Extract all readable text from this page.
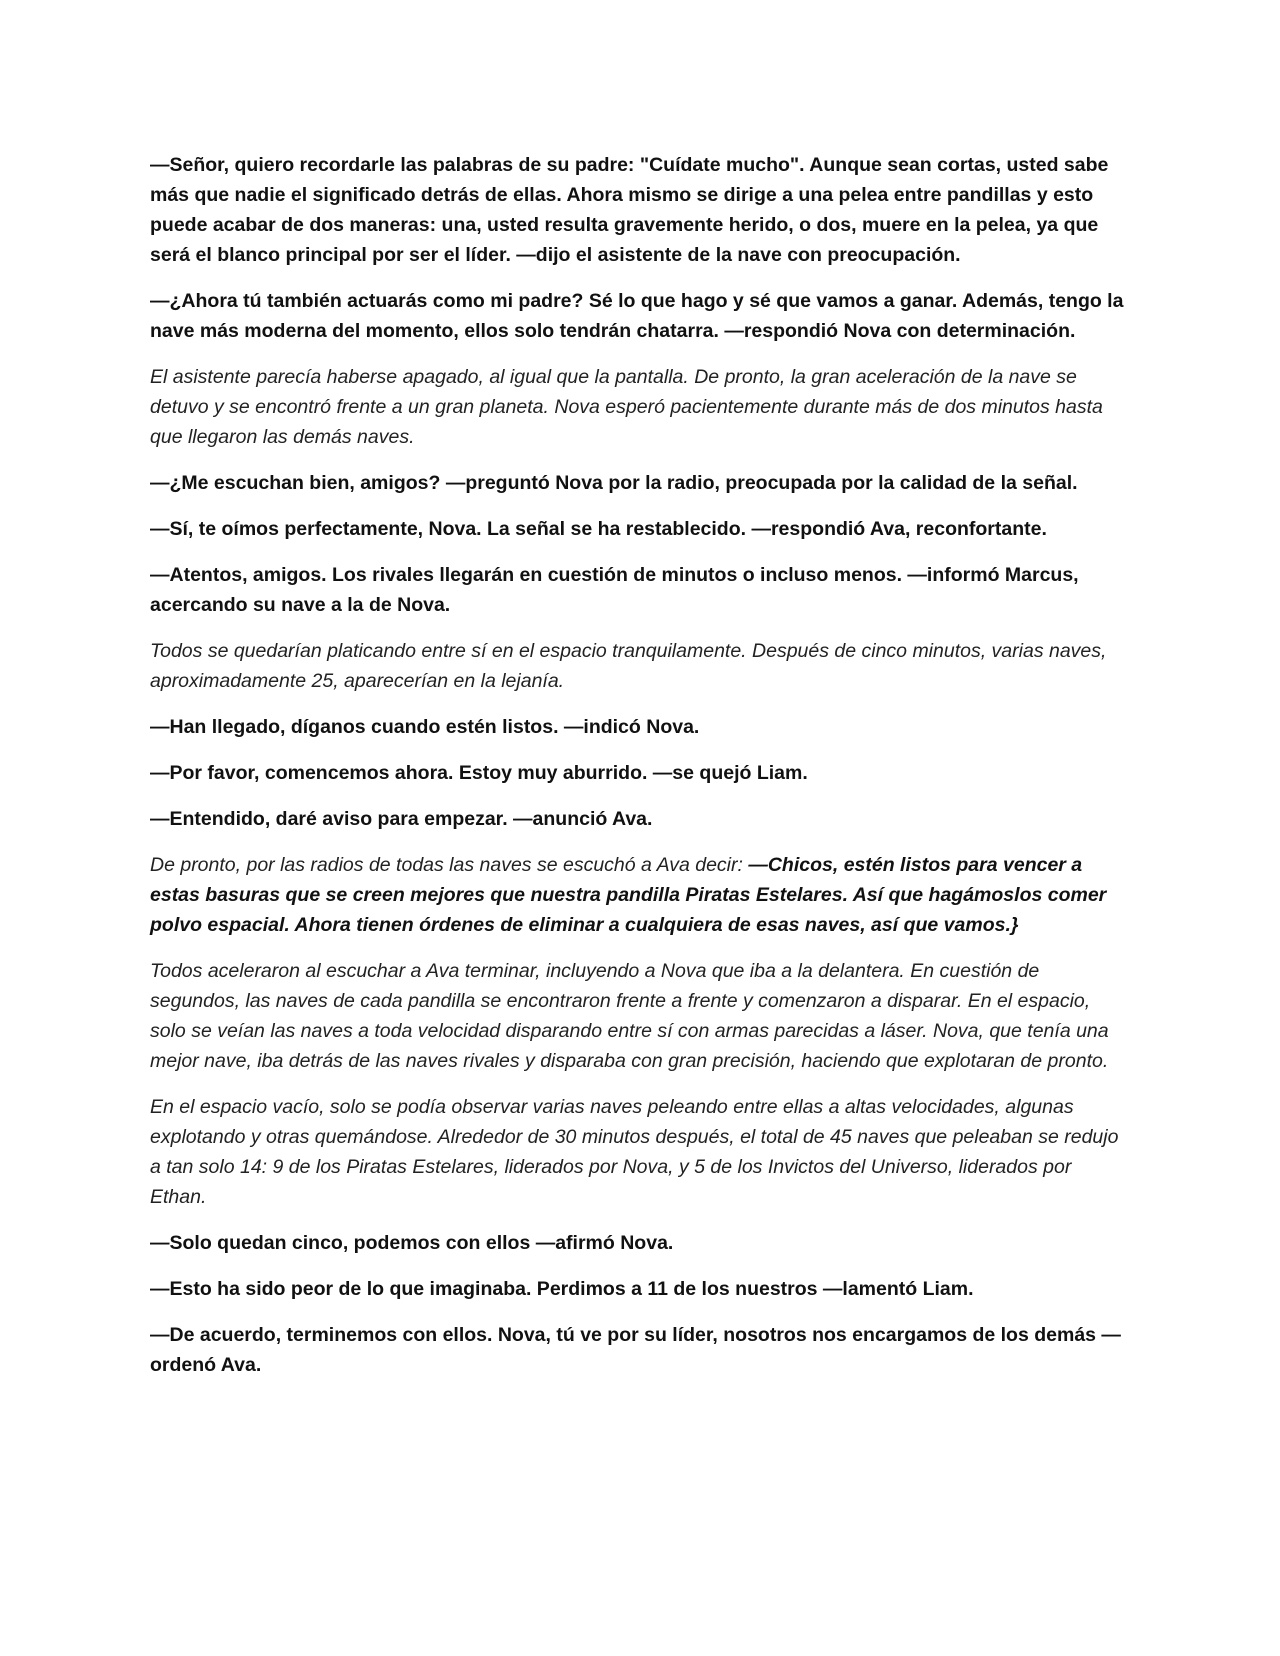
—Señor, quiero recordarle las palabras de su padre: "Cuídate mucho". Aunque sean cortas, usted sabe más que nadie el significado detrás de ellas. Ahora mismo se dirige a una pelea entre pandillas y esto puede acabar de dos maneras: una, usted resulta gravemente herido, o dos, muere en la pelea, ya que será el blanco principal por ser el líder. —dijo el asistente de la nave con preocupación.

—¿Ahora tú también actuarás como mi padre? Sé lo que hago y sé que vamos a ganar. Además, tengo la nave más moderna del momento, ellos solo tendrán chatarra. —respondió Nova con determinación.

El asistente parecía haberse apagado, al igual que la pantalla. De pronto, la gran aceleración de la nave se detuvo y se encontró frente a un gran planeta. Nova esperó pacientemente durante más de dos minutos hasta que llegaron las demás naves.

—¿Me escuchan bien, amigos? —preguntó Nova por la radio, preocupada por la calidad de la señal.

—Sí, te oímos perfectamente, Nova. La señal se ha restablecido. —respondió Ava, reconfortante.

—Atentos, amigos. Los rivales llegarán en cuestión de minutos o incluso menos. —informó Marcus, acercando su nave a la de Nova.

Todos se quedarían platicando entre sí en el espacio tranquilamente. Después de cinco minutos, varias naves, aproximadamente 25, aparecerían en la lejanía.

—Han llegado, díganos cuando estén listos. —indicó Nova.

—Por favor, comencemos ahora. Estoy muy aburrido. —se quejó Liam.

—Entendido, daré aviso para empezar. —anunció Ava.

De pronto, por las radios de todas las naves se escuchó a Ava decir: —Chicos, estén listos para vencer a estas basuras que se creen mejores que nuestra pandilla Piratas Estelares. Así que hagámoslos comer polvo espacial. Ahora tienen órdenes de eliminar a cualquiera de esas naves, así que vamos.}

Todos aceleraron al escuchar a Ava terminar, incluyendo a Nova que iba a la delantera. En cuestión de segundos, las naves de cada pandilla se encontraron frente a frente y comenzaron a disparar. En el espacio, solo se veían las naves a toda velocidad disparando entre sí con armas parecidas a láser. Nova, que tenía una mejor nave, iba detrás de las naves rivales y disparaba con gran precisión, haciendo que explotaran de pronto.

En el espacio vacío, solo se podía observar varias naves peleando entre ellas a altas velocidades, algunas explotando y otras quemándose. Alrededor de 30 minutos después, el total de 45 naves que peleaban se redujo a tan solo 14: 9 de los Piratas Estelares, liderados por Nova, y 5 de los Invictos del Universo, liderados por Ethan.

—Solo quedan cinco, podemos con ellos —afirmó Nova.

—Esto ha sido peor de lo que imaginaba. Perdimos a 11 de los nuestros —lamentó Liam.

—De acuerdo, terminemos con ellos. Nova, tú ve por su líder, nosotros nos encargamos de los demás —ordenó Ava.
